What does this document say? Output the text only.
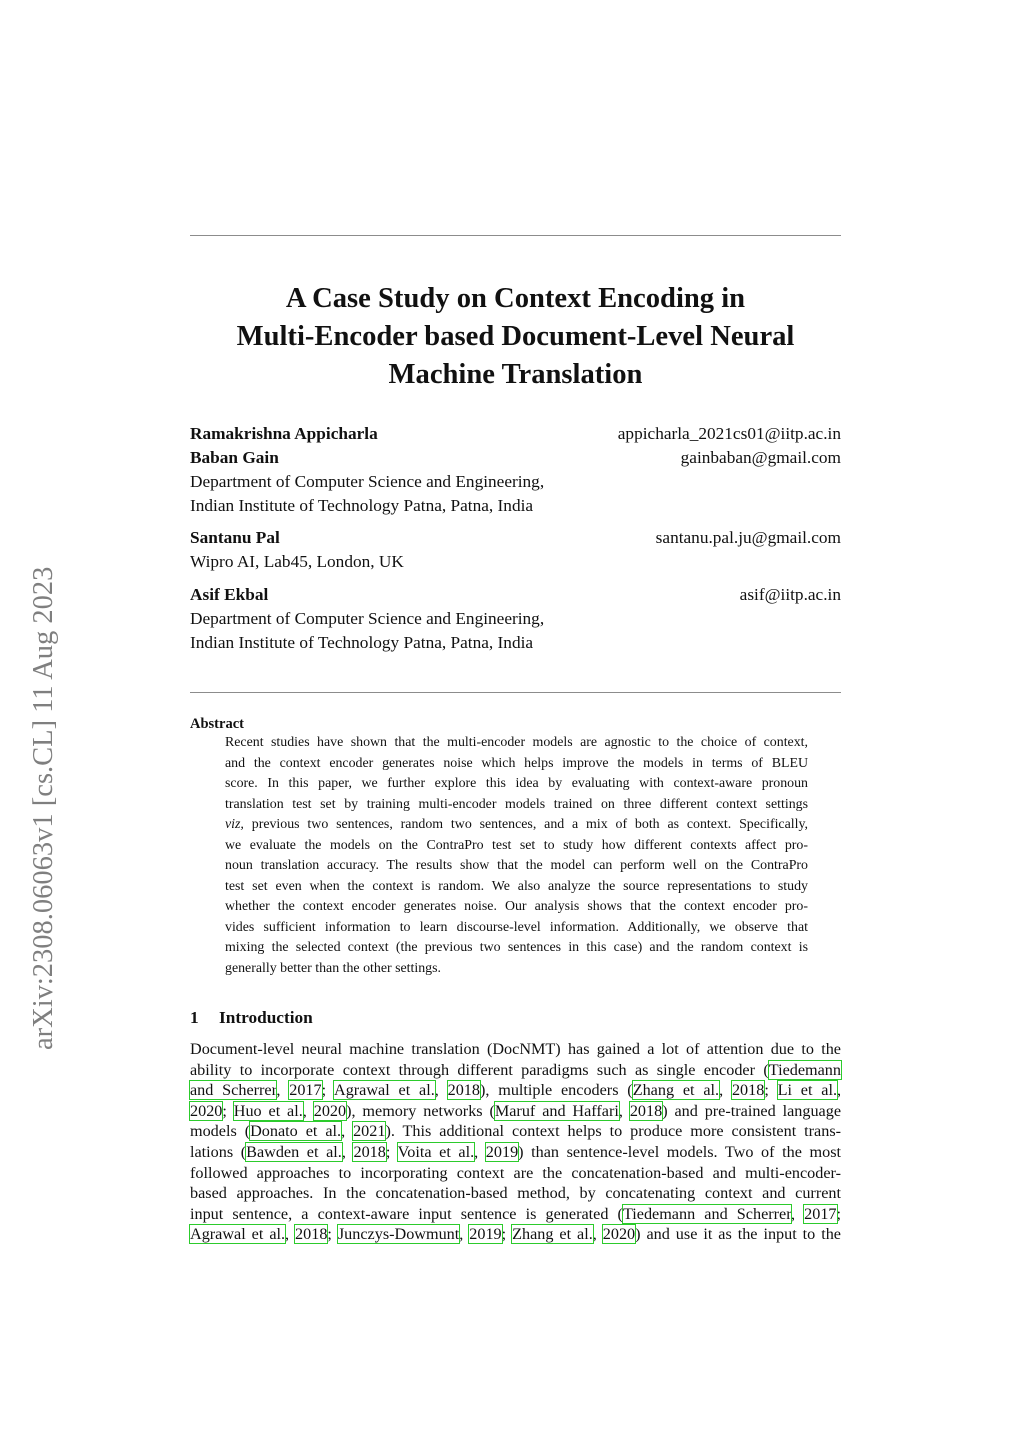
arXiv:2308.06063v1 [cs.CL] 11 Aug 2023
A Case Study on Context Encoding in
Multi-Encoder based Document-Level Neural
Machine Translation
Ramakrishna Appicharla	appicharla_2021cs01@iitp.ac.in
Baban Gain	gainbaban@gmail.com
Department of Computer Science and Engineering,
Indian Institute of Technology Patna, Patna, India
Santanu Pal	santanu.pal.ju@gmail.com
Wipro AI, Lab45, London, UK
Asif Ekbal	asif@iitp.ac.in
Department of Computer Science and Engineering,
Indian Institute of Technology Patna, Patna, India
Abstract
Recent studies have shown that the multi-encoder models are agnostic to the choice of context,
and the context encoder generates noise which helps improve the models in terms of BLEU
score. In this paper, we further explore this idea by evaluating with context-aware pronoun
translation test set by training multi-encoder models trained on three different context settings
viz, previous two sentences, random two sentences, and a mix of both as context. Specifically,
we evaluate the models on the ContraPro test set to study how different contexts affect pro-
noun translation accuracy. The results show that the model can perform well on the ContraPro
test set even when the context is random. We also analyze the source representations to study
whether the context encoder generates noise. Our analysis shows that the context encoder pro-
vides sufficient information to learn discourse-level information. Additionally, we observe that
mixing the selected context (the previous two sentences in this case) and the random context is
generally better than the other settings.
1 Introduction
Document-level neural machine translation (DocNMT) has gained a lot of attention due to the
ability to incorporate context through different paradigms such as single encoder (Tiedemann
and Scherrer, 2017; Agrawal et al., 2018), multiple encoders (Zhang et al., 2018; Li et al.,
2020; Huo et al., 2020), memory networks (Maruf and Haffari, 2018) and pre-trained language
models (Donato et al., 2021). This additional context helps to produce more consistent trans-
lations (Bawden et al., 2018; Voita et al., 2019) than sentence-level models. Two of the most
followed approaches to incorporating context are the concatenation-based and multi-encoder-
based approaches. In the concatenation-based method, by concatenating context and current
input sentence, a context-aware input sentence is generated (Tiedemann and Scherrer, 2017;
Agrawal et al., 2018; Junczys-Dowmunt, 2019; Zhang et al., 2020) and use it as the input to the
